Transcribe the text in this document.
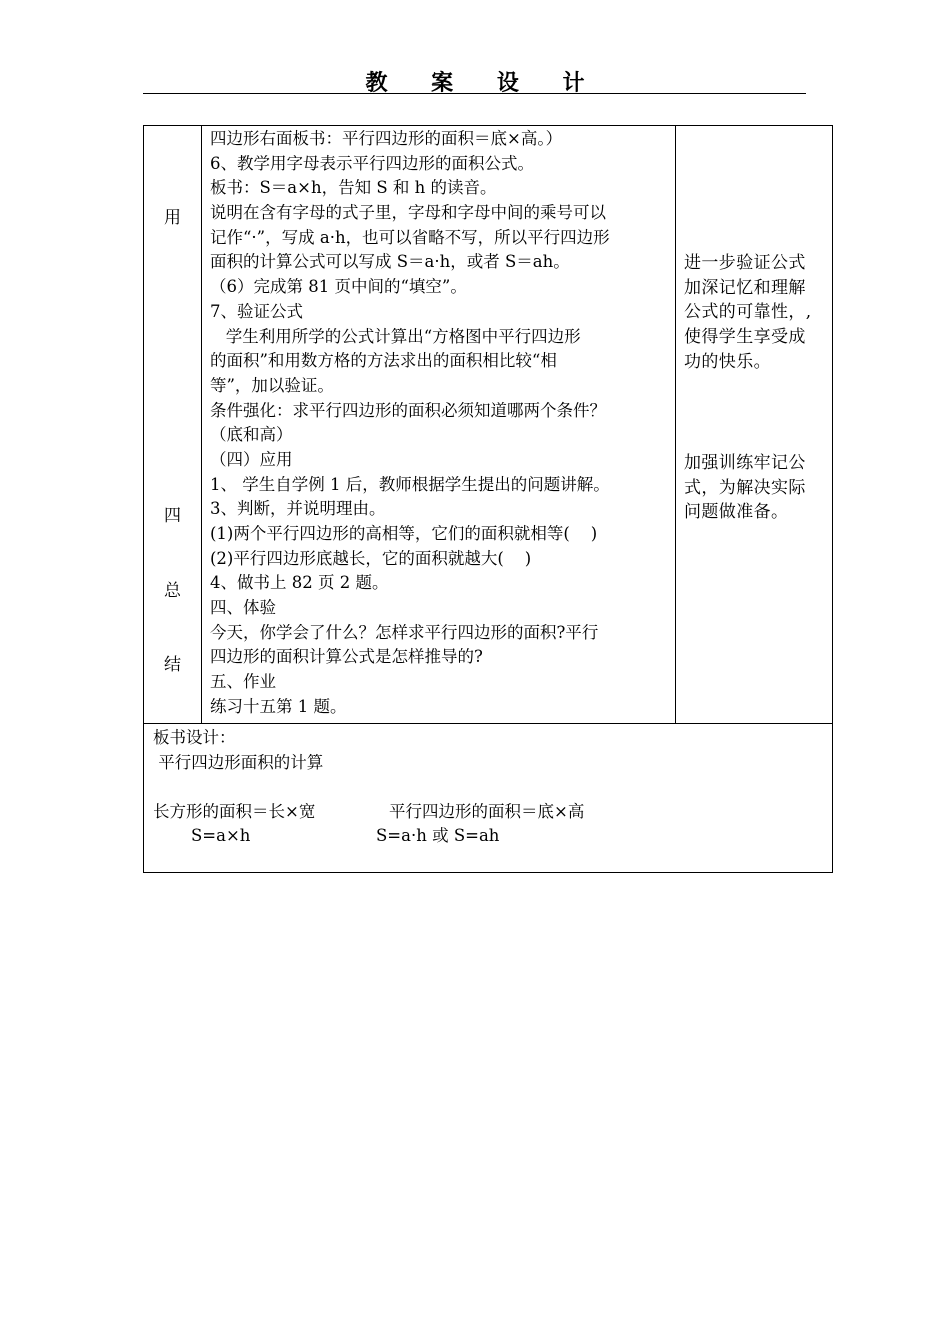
教 案 设 计
用
四
总
结
四边形右面板书：平行四边形的面积＝底×高。）
6、教学用字母表示平行四边形的面积公式。
板书：S＝a×h，告知 S 和 h 的读音。
说明在含有字母的式子里，字母和字母中间的乘号可以
记作“·”，写成 a·h，也可以省略不写，所以平行四边形
面积的计算公式可以写成 S＝a·h，或者 S＝ah。
（6）完成第 81 页中间的“填空”。
7、验证公式
学生利用所学的公式计算出“方格图中平行四边形
的面积”和用数方格的方法求出的面积相比较“相
等”，加以验证。
条件强化：求平行四边形的面积必须知道哪两个条件？
（底和高）
（四）应用
1、 学生自学例 1 后，教师根据学生提出的问题讲解。
3、判断，并说明理由。
(1)两个平行四边形的高相等，它们的面积就相等(    )
(2)平行四边形底越长，它的面积就越大(    )
4、做书上 82 页 2 题。
四、体验
今天，你学会了什么？怎样求平行四边形的面积?平行
四边形的面积计算公式是怎样推导的?
五、作业
练习十五第 1 题。
进一步验证公式
加深记忆和理解
公式的可靠性，,
使得学生享受成
功的快乐。
加强训练牢记公
式，为解决实际
问题做准备。
板书设计：
平行四边形面积的计算
长方形的面积＝长×宽	平行四边形的面积＝底×高
S=a×h	S=a·h 或 S=ah
